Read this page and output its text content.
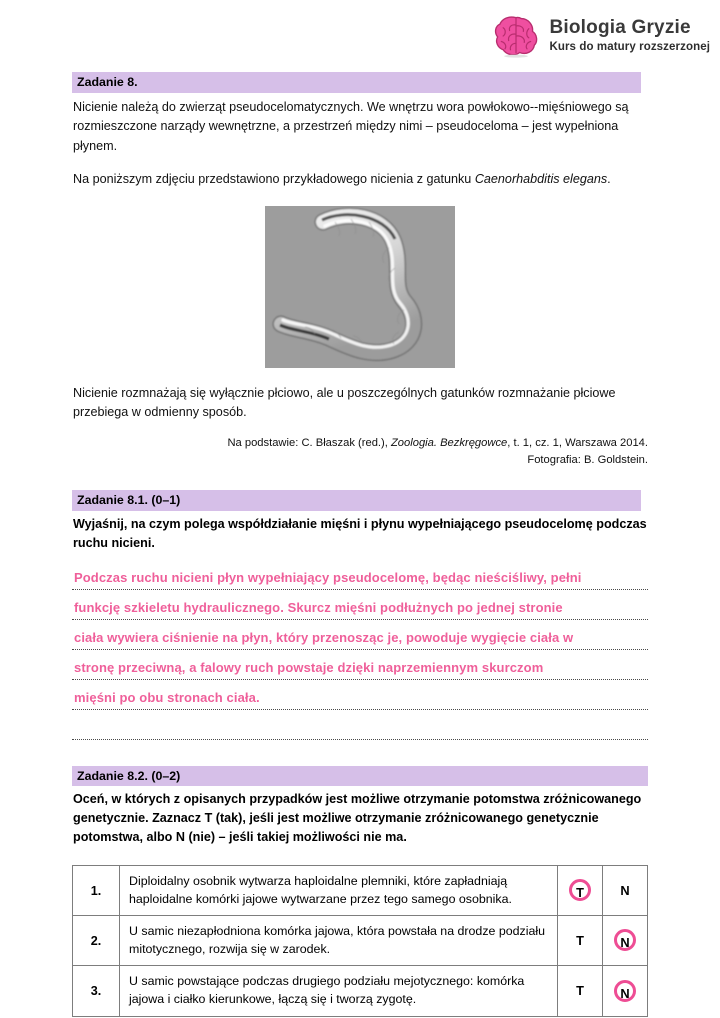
Biologia Gryzie
Kurs do matury rozszerzonej
Zadanie 8.
Nicienie należą do zwierząt pseudocelomatycznych. We wnętrzu wora powłokowo--mięśniowego są rozmieszczone narządy wewnętrzne, a przestrzeń między nimi – pseudoceloma – jest wypełniona płynem.
Na poniższym zdjęciu przedstawiono przykładowego nicienia z gatunku Caenorhabditis elegans.
Nicienie rozmnażają się wyłącznie płciowo, ale u poszczególnych gatunków rozmnażanie płciowe przebiega w odmienny sposób.
Na podstawie: C. Błaszak (red.), Zoologia. Bezkręgowce, t. 1, cz. 1, Warszawa 2014.
Fotografia: B. Goldstein.
Zadanie 8.1. (0–1)
Wyjaśnij, na czym polega współdziałanie mięśni i płynu wypełniającego pseudocelomę podczas ruchu nicieni.
Podczas ruchu nicieni płyn wypełniający pseudocelomę, będąc nieściśliwy, pełni
funkcję szkieletu hydraulicznego. Skurcz mięśni podłużnych po jednej stronie
ciała wywiera ciśnienie na płyn, który przenosząc je, powoduje wygięcie ciała w
stronę przeciwną, a falowy ruch powstaje dzięki naprzemiennym skurczom
mięśni po obu stronach ciała.
Zadanie 8.2. (0–2)
Oceń, w których z opisanych przypadków jest możliwe otrzymanie potomstwa zróżnicowanego genetycznie. Zaznacz T (tak), jeśli jest możliwe otrzymanie zróżnicowanego genetycznie potomstwa, albo N (nie) – jeśli takiej możliwości nie ma.
1.	Diploidalny osobnik wytwarza haploidalne plemniki, które zapładniają haploidalne komórki jajowe wytwarzane przez tego samego osobnika.	T	N
2.	U samic niezapłodniona komórka jajowa, która powstała na drodze podziału mitotycznego, rozwija się w zarodek.	T	N
3.	U samic powstające podczas drugiego podziału mejotycznego: komórka jajowa i ciałko kierunkowe, łączą się i tworzą zygotę.	T	N
